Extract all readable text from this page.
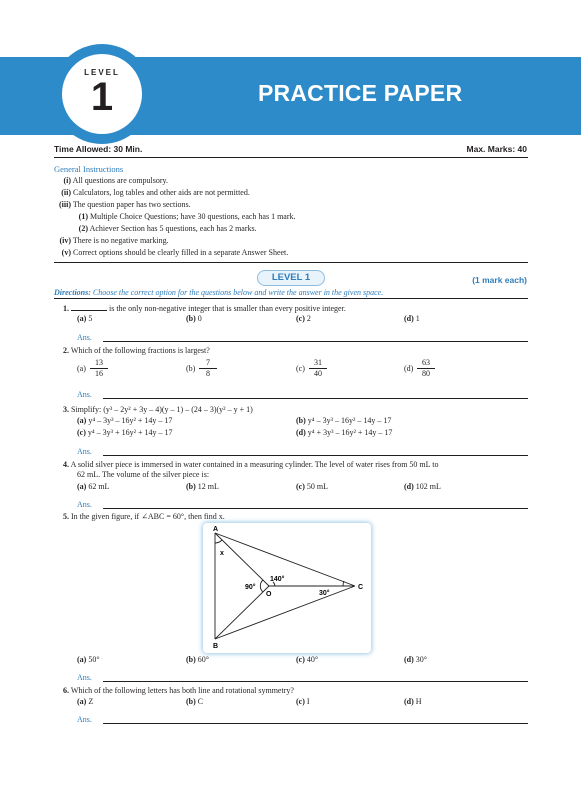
PRACTICE PAPER
LEVEL
1
Time Allowed: 30 Min.	Max. Marks: 40
General Instructions
(i) All questions are compulsory.
(ii) Calculators, log tables and other aids are not permitted.
(iii) The question paper has two sections.
(1) Multiple Choice Questions; have 30 questions, each has 1 mark.
(2) Achiever Section has 5 questions, each has 2 marks.
(iv) There is no negative marking.
(v) Correct options should be clearly filled in a separate Answer Sheet.
LEVEL 1	(1 mark each)
Directions: Choose the correct option for the questions below and write the answer in the given space.
1.	is the only non-negative integer that is smaller than every positive integer.
(a) 5	(b) 0	(c) 2	(d) 1
Ans.
2. Which of the following fractions is largest?
$(a) \frac{13}{16}$	$(b) \frac{7}{8}$	$(c) \frac{31}{40}$	$(d) \frac{63}{80}$
Ans.
3. Simplify: (y³ – 2y² + 3y – 4)(y – 1) – (24 – 3)(y² – y + 1)
(a) y⁴ – 3y³ – 16y² + 14y – 17	(b) y⁴ – 3y³ – 16y² – 14y – 17
(c) y⁴ – 3y³ + 16y² + 14y – 17	(d) y⁴ + 3y³ – 16y² + 14y – 17
Ans.
4. A solid silver piece is immersed in water contained in a measuring cylinder. The level of water rises from 50 mL to
62 mL. The volume of the silver piece is:
(a) 62 mL	(b) 12 mL	(c) 50 mL	(d) 102 mL
Ans.
5. In the given figure, if ∠ABC = 60°, then find x.
A
B
C
O
x
90°
140°
30°
(a) 50°	(b) 60°	(c) 40°	(d) 30°
Ans.
6. Which of the following letters has both line and rotational symmetry?
(a) Z	(b) C	(c) I	(d) H
Ans.
